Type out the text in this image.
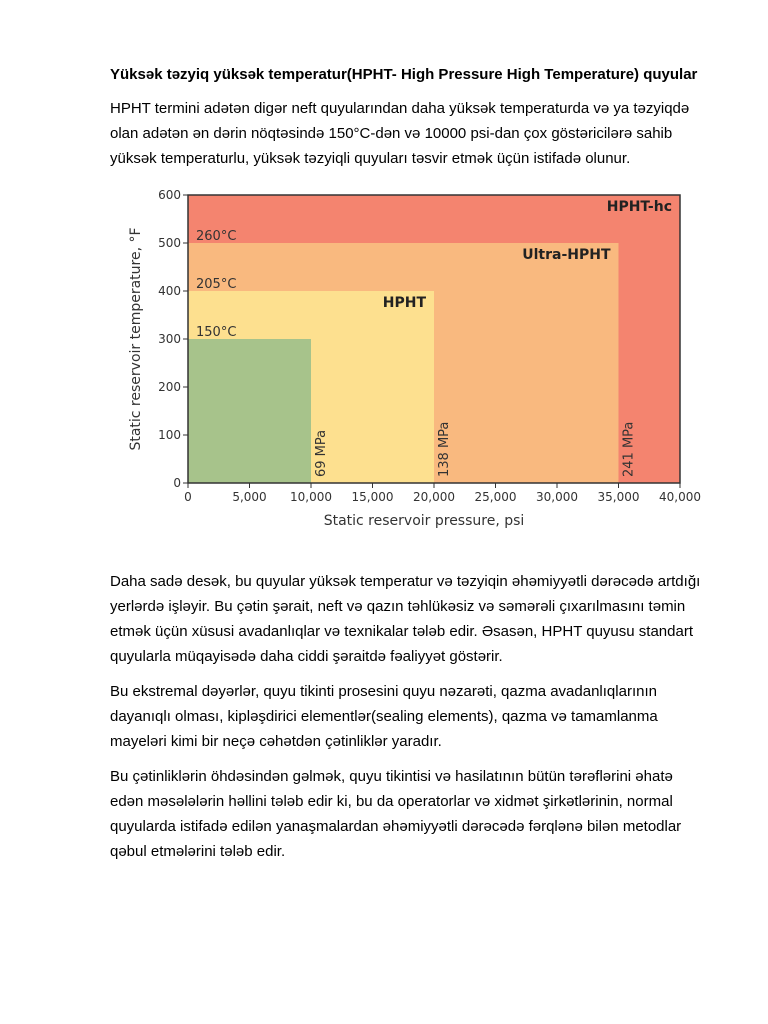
Yüksək təzyiq yüksək temperatur(HPHT- High Pressure High Temperature) quyular

HPHT termini adətən digər neft quyularından daha yüksək temperaturda və ya təzyiqdə olan adətən ən dərin nöqtəsində 150°C-dən və 10000 psi-dan çox göstəricilərə sahib yüksək temperaturlu, yüksək təzyiqli quyuları təsvir etmək üçün istifadə olunur.

HPHT-hc
Ultra-HPHT
HPHT
260°C
205°C
150°C
241 MPa
138 MPa
69 MPa
0	5,000 10,000 15,000 20,000 25,000 30,000 35,000 40,000
0
100
200
300
400
500
600
Static reservoir pressure, psi
Static reservoir temperature, °F

Daha sadə desək, bu quyular yüksək temperatur və təzyiqin əhəmiyyətli dərəcədə artdığı yerlərdə işləyir. Bu çətin şərait, neft və qazın təhlükəsiz və səmərəli çıxarılmasını təmin etmək üçün xüsusi avadanlıqlar və texnikalar tələb edir. Əsasən, HPHT quyusu standart quyularla müqayisədə daha ciddi şəraitdə fəaliyyət göstərir.

Bu ekstremal dəyərlər, quyu tikinti prosesini quyu nəzarəti, qazma avadanlıqlarının dayanıqlı olması, kipləşdirici elementlər(sealing elements), qazma və tamamlanma mayeləri kimi bir neçə cəhətdən çətinliklər yaradır.

Bu çətinliklərin öhdəsindən gəlmək, quyu tikintisi və hasilatının bütün tərəflərini əhatə edən məsələlərin həllini tələb edir ki, bu da operatorlar və xidmət şirkətlərinin, normal quyularda istifadə edilən yanaşmalardan əhəmiyyətli dərəcədə fərqlənə bilən metodlar qəbul etmələrini tələb edir.
